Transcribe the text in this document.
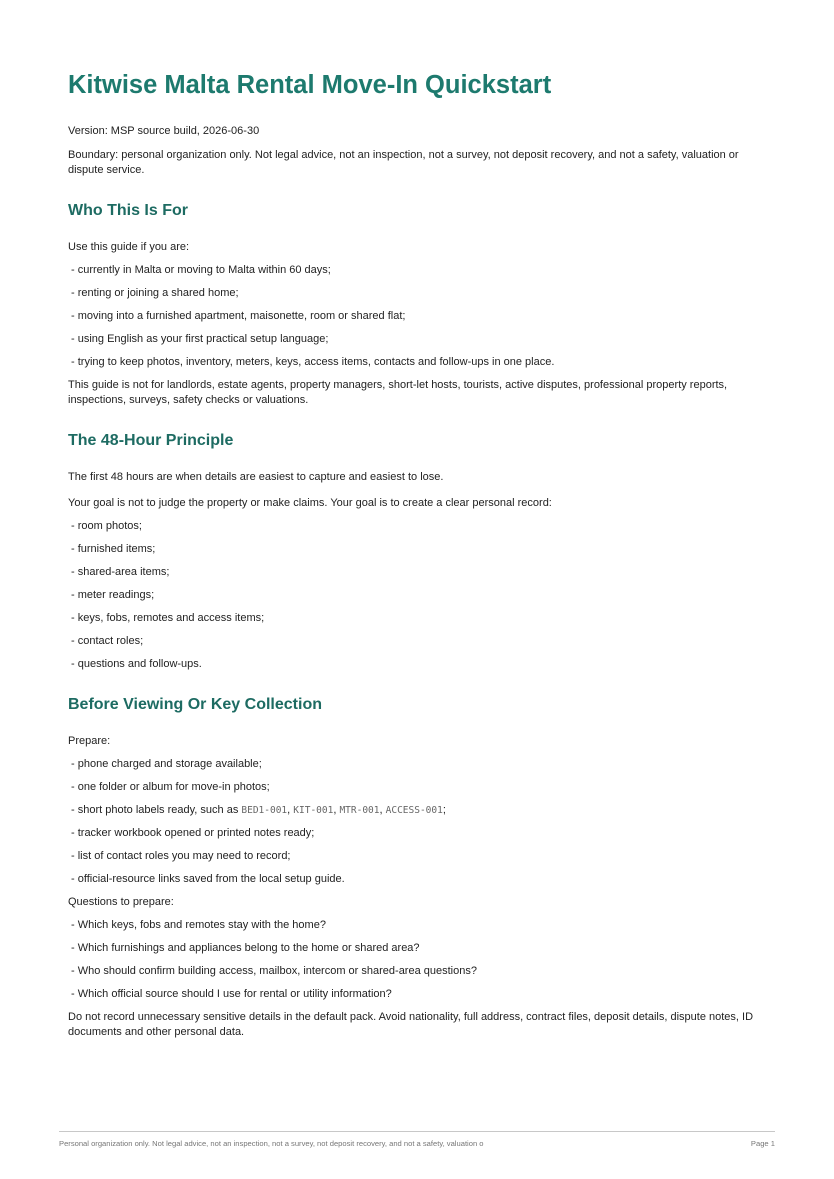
Kitwise Malta Rental Move-In Quickstart

Version: MSP source build, 2026-06-30

Boundary: personal organization only. Not legal advice, not an inspection, not a survey, not deposit recovery, and not a safety, valuation or dispute service.

Who This Is For

Use this guide if you are:

- currently in Malta or moving to Malta within 60 days;
- renting or joining a shared home;
- moving into a furnished apartment, maisonette, room or shared flat;
- using English as your first practical setup language;
- trying to keep photos, inventory, meters, keys, access items, contacts and follow-ups in one place.

This guide is not for landlords, estate agents, property managers, short-let hosts, tourists, active disputes, professional property reports, inspections, surveys, safety checks or valuations.

The 48-Hour Principle

The first 48 hours are when details are easiest to capture and easiest to lose.

Your goal is not to judge the property or make claims. Your goal is to create a clear personal record:

- room photos;
- furnished items;
- shared-area items;
- meter readings;
- keys, fobs, remotes and access items;
- contact roles;
- questions and follow-ups.
Before Viewing Or Key Collection

Prepare:

- phone charged and storage available;
- one folder or album for move-in photos;
- short photo labels ready, such as BED1-001, KIT-001, MTR-001, ACCESS-001;
- tracker workbook opened or printed notes ready;
- list of contact roles you may need to record;
- official-resource links saved from the local setup guide.

Questions to prepare:

- Which keys, fobs and remotes stay with the home?
- Which furnishings and appliances belong to the home or shared area?
- Who should confirm building access, mailbox, intercom or shared-area questions?
- Which official source should I use for rental or utility information?

Do not record unnecessary sensitive details in the default pack. Avoid nationality, full address, contract files, deposit details, dispute notes, ID documents and other personal data.

Personal organization only. Not legal advice, not an inspection, not a survey, not deposit recovery, and not a safety, valuation o	Page 1
